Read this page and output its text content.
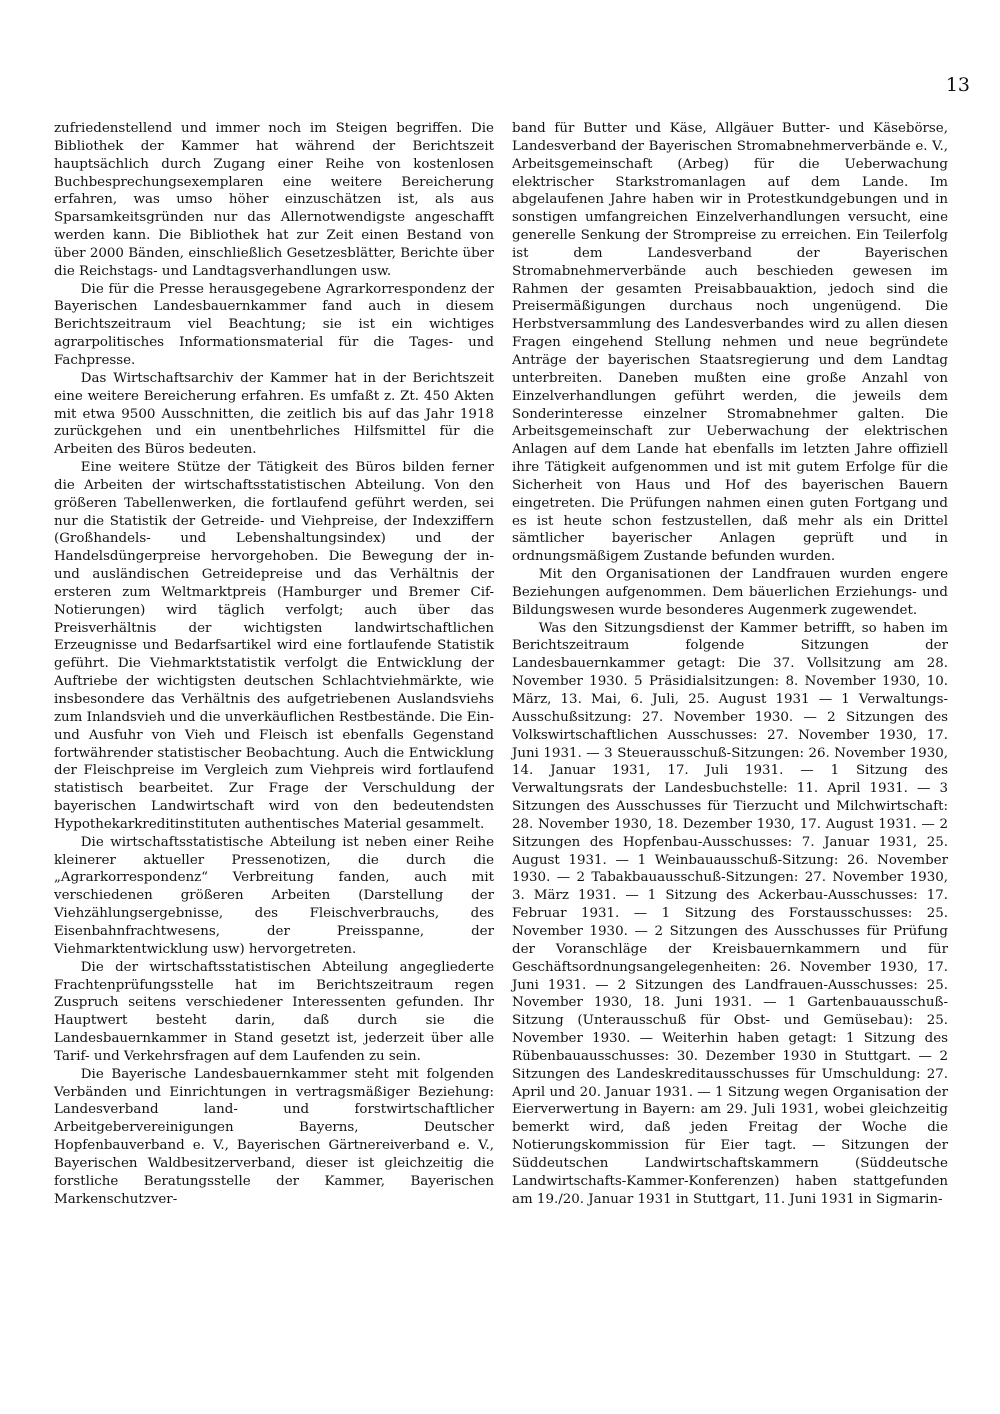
13

zufriedenstellend und immer noch im Steigen begriffen. Die Bibliothek der Kammer hat während der Berichtszeit hauptsächlich durch Zugang einer Reihe von kostenlosen Buchbesprechungsexemplaren eine weitere Bereicherung erfahren, was umso höher einzuschätzen ist, als aus Sparsamkeitsgründen nur das Allernotwendigste angeschafft werden kann. Die Bibliothek hat zur Zeit einen Bestand von über 2000 Bänden, einschließlich Gesetzesblätter, Berichte über die Reichstags- und Landtagsverhandlungen usw.

Die für die Presse herausgegebene Agrarkorrespondenz der Bayerischen Landesbauernkammer fand auch in diesem Berichtszeitraum viel Beachtung; sie ist ein wichtiges agrarpolitisches Informationsmaterial für die Tages- und Fachpresse.

Das Wirtschaftsarchiv der Kammer hat in der Berichtszeit eine weitere Bereicherung erfahren. Es umfaßt z. Zt. 450 Akten mit etwa 9500 Ausschnitten, die zeitlich bis auf das Jahr 1918 zurückgehen und ein unentbehrliches Hilfsmittel für die Arbeiten des Büros bedeuten.

Eine weitere Stütze der Tätigkeit des Büros bilden ferner die Arbeiten der wirtschaftsstatistischen Abteilung. Von den größeren Tabellenwerken, die fortlaufend geführt werden, sei nur die Statistik der Getreide- und Viehpreise, der Indexziffern (Großhandels- und Lebenshaltungsindex) und der Handelsdüngerpreise hervorgehoben. Die Bewegung der in- und ausländischen Getreidepreise und das Verhältnis der ersteren zum Weltmarktpreis (Hamburger und Bremer Cif-Notierungen) wird täglich verfolgt; auch über das Preisverhältnis der wichtigsten landwirtschaftlichen Erzeugnisse und Bedarfsartikel wird eine fortlaufende Statistik geführt. Die Viehmarktstatistik verfolgt die Entwicklung der Auftriebe der wichtigsten deutschen Schlachtviehmärkte, wie insbesondere das Verhältnis des aufgetriebenen Auslandsviehs zum Inlandsvieh und die unverkäuflichen Restbestände. Die Ein- und Ausfuhr von Vieh und Fleisch ist ebenfalls Gegenstand fortwährender statistischer Beobachtung. Auch die Entwicklung der Fleischpreise im Vergleich zum Viehpreis wird fortlaufend statistisch bearbeitet. Zur Frage der Verschuldung der bayerischen Landwirtschaft wird von den bedeutendsten Hypothekarkreditinstituten authentisches Material gesammelt.

Die wirtschaftsstatistische Abteilung ist neben einer Reihe kleinerer aktueller Pressenotizen, die durch die „Agrarkorrespondenz“ Verbreitung fanden, auch mit verschiedenen größeren Arbeiten (Darstellung der Viehzählungsergebnisse, des Fleischverbrauchs, des Eisenbahnfrachtwesens, der Preisspanne, der Viehmarktentwicklung usw) hervorgetreten.

Die der wirtschaftsstatistischen Abteilung angegliederte Frachtenprüfungsstelle hat im Berichtszeitraum regen Zuspruch seitens verschiedener Interessenten gefunden. Ihr Hauptwert besteht darin, daß durch sie die Landesbauernkammer in Stand gesetzt ist, jederzeit über alle Tarif- und Verkehrsfragen auf dem Laufenden zu sein.

Die Bayerische Landesbauernkammer steht mit folgenden Verbänden und Einrichtungen in vertragsmäßiger Beziehung: Landesverband land- und forstwirtschaftlicher Arbeitgebervereinigungen Bayerns, Deutscher Hopfenbauverband e. V., Bayerischen Gärtnereiverband e. V., Bayerischen Waldbesitzerverband, dieser ist gleichzeitig die forstliche Beratungsstelle der Kammer, Bayerischen Markenschutzver-

band für Butter und Käse, Allgäuer Butter- und Käsebörse, Landesverband der Bayerischen Stromabnehmerverbände e. V., Arbeitsgemeinschaft (Arbeg) für die Ueberwachung elektrischer Starkstromanlagen auf dem Lande. Im abgelaufenen Jahre haben wir in Protestkundgebungen und in sonstigen umfangreichen Einzelverhandlungen versucht, eine generelle Senkung der Strompreise zu erreichen. Ein Teilerfolg ist dem Landesverband der Bayerischen Stromabnehmerverbände auch beschieden gewesen im Rahmen der gesamten Preisabbauaktion, jedoch sind die Preisermäßigungen durchaus noch ungenügend. Die Herbstversammlung des Landesverbandes wird zu allen diesen Fragen eingehend Stellung nehmen und neue begründete Anträge der bayerischen Staatsregierung und dem Landtag unterbreiten. Daneben mußten eine große Anzahl von Einzelverhandlungen geführt werden, die jeweils dem Sonderinteresse einzelner Stromabnehmer galten. Die Arbeitsgemeinschaft zur Ueberwachung der elektrischen Anlagen auf dem Lande hat ebenfalls im letzten Jahre offiziell ihre Tätigkeit aufgenommen und ist mit gutem Erfolge für die Sicherheit von Haus und Hof des bayerischen Bauern eingetreten. Die Prüfungen nahmen einen guten Fortgang und es ist heute schon festzustellen, daß mehr als ein Drittel sämtlicher bayerischer Anlagen geprüft und in ordnungsmäßigem Zustande befunden wurden.

Mit den Organisationen der Landfrauen wurden engere Beziehungen aufgenommen. Dem bäuerlichen Erziehungs- und Bildungswesen wurde besonderes Augenmerk zugewendet.

Was den Sitzungsdienst der Kammer betrifft, so haben im Berichtszeitraum folgende Sitzungen der Landesbauernkammer getagt: Die 37. Vollsitzung am 28. November 1930. 5 Präsidialsitzungen: 8. November 1930, 10. März, 13. Mai, 6. Juli, 25. August 1931 — 1 Verwaltungs-Ausschußsitzung: 27. November 1930. — 2 Sitzungen des Volkswirtschaftlichen Ausschusses: 27. November 1930, 17. Juni 1931. — 3 Steuerausschuß-Sitzungen: 26. November 1930, 14. Januar 1931, 17. Juli 1931. — 1 Sitzung des Verwaltungsrats der Landesbuchstelle: 11. April 1931. — 3 Sitzungen des Ausschusses für Tierzucht und Milchwirtschaft: 28. November 1930, 18. Dezember 1930, 17. August 1931. — 2 Sitzungen des Hopfenbau-Ausschusses: 7. Januar 1931, 25. August 1931. — 1 Weinbauausschuß-Sitzung: 26. November 1930. — 2 Tabakbauausschuß-Sitzungen: 27. November 1930, 3. März 1931. — 1 Sitzung des Ackerbau-Ausschusses: 17. Februar 1931. — 1 Sitzung des Forstausschusses: 25. November 1930. — 2 Sitzungen des Ausschusses für Prüfung der Voranschläge der Kreisbauernkammern und für Geschäftsordnungsangelegenheiten: 26. November 1930, 17. Juni 1931. — 2 Sitzungen des Landfrauen-Ausschusses: 25. November 1930, 18. Juni 1931. — 1 Gartenbauausschuß-Sitzung (Unterausschuß für Obst- und Gemüsebau): 25. November 1930. — Weiterhin haben getagt: 1 Sitzung des Rübenbauausschusses: 30. Dezember 1930 in Stuttgart. — 2 Sitzungen des Landeskreditausschusses für Umschuldung: 27. April und 20. Januar 1931. — 1 Sitzung wegen Organisation der Eierverwertung in Bayern: am 29. Juli 1931, wobei gleichzeitig bemerkt wird, daß jeden Freitag der Woche die Notierungskommission für Eier tagt. — Sitzungen der Süddeutschen Landwirtschaftskammern (Süddeutsche Landwirtschafts-Kammer-Konferenzen) haben stattgefunden am 19./20. Januar 1931 in Stuttgart, 11. Juni 1931 in Sigmarin-
